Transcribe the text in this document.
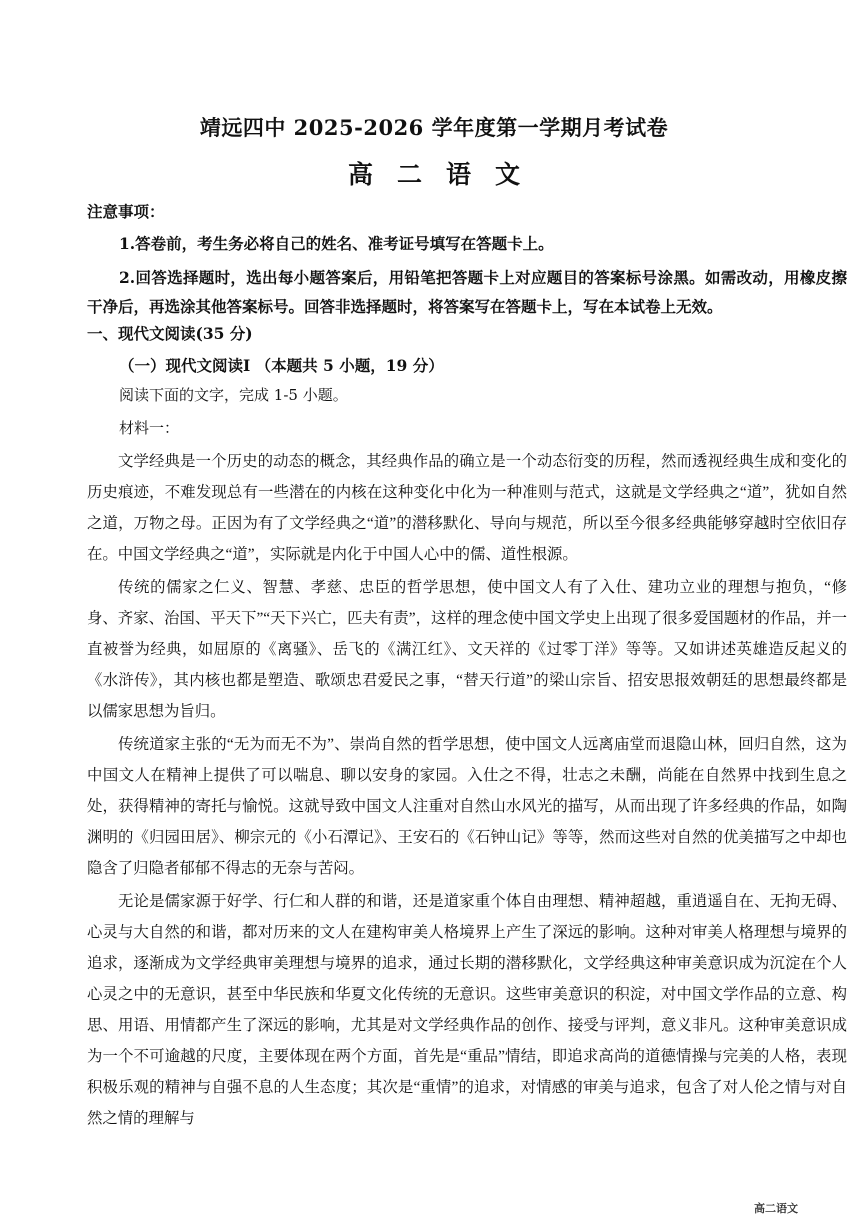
靖远四中 2025-2026 学年度第一学期月考试卷
高 二 语 文
注意事项：
1.答卷前，考生务必将自己的姓名、准考证号填写在答题卡上。
2.回答选择题时，选出每小题答案后，用铅笔把答题卡上对应题目的答案标号涂黑。如需改动，用橡皮擦干净后，再选涂其他答案标号。回答非选择题时，将答案写在答题卡上，写在本试卷上无效。
一、现代文阅读(35 分)
（一）现代文阅读Ⅰ （本题共 5 小题，19 分）
阅读下面的文字，完成 1-5 小题。
材料一：

文学经典是一个历史的动态的概念，其经典作品的确立是一个动态衍变的历程，然而透视经典生成和变化的历史痕迹，不难发现总有一些潜在的内核在这种变化中化为一种准则与范式，这就是文学经典之“道”，犹如自然之道，万物之母。正因为有了文学经典之“道”的潜移默化、导向与规范，所以至今很多经典能够穿越时空依旧存在。中国文学经典之“道”，实际就是内化于中国人心中的儒、道性根源。

传统的儒家之仁义、智慧、孝慈、忠臣的哲学思想，使中国文人有了入仕、建功立业的理想与抱负，“修身、齐家、治国、平天下”“天下兴亡，匹夫有责”，这样的理念使中国文学史上出现了很多爱国题材的作品，并一直被誉为经典，如屈原的《离骚》、岳飞的《满江红》、文天祥的《过零丁洋》等等。又如讲述英雄造反起义的《水浒传》，其内核也都是塑造、歌颂忠君爱民之事，“替天行道”的梁山宗旨、招安思报效朝廷的思想最终都是以儒家思想为旨归。

传统道家主张的“无为而无不为”、崇尚自然的哲学思想，使中国文人远离庙堂而退隐山林，回归自然，这为中国文人在精神上提供了可以喘息、聊以安身的家园。入仕之不得，壮志之未酬，尚能在自然界中找到生息之处，获得精神的寄托与愉悦。这就导致中国文人注重对自然山水风光的描写，从而出现了许多经典的作品，如陶渊明的《归园田居》、柳宗元的《小石潭记》、王安石的《石钟山记》等等，然而这些对自然的优美描写之中却也隐含了归隐者郁郁不得志的无奈与苦闷。

无论是儒家源于好学、行仁和人群的和谐，还是道家重个体自由理想、精神超越，重逍遥自在、无拘无碍、心灵与大自然的和谐，都对历来的文人在建构审美人格境界上产生了深远的影响。这种对审美人格理想与境界的追求，逐渐成为文学经典审美理想与境界的追求，通过长期的潜移默化，文学经典这种审美意识成为沉淀在个人心灵之中的无意识，甚至中华民族和华夏文化传统的无意识。这些审美意识的积淀，对中国文学作品的立意、构思、用语、用情都产生了深远的影响，尤其是对文学经典作品的创作、接受与评判，意义非凡。这种审美意识成为一个不可逾越的尺度，主要体现在两个方面，首先是“重品”情结，即追求高尚的道德情操与完美的人格，表现积极乐观的精神与自强不息的人生态度；其次是“重情”的追求，对情感的审美与追求，包含了对人伦之情与对自然之情的理解与

高二语文
